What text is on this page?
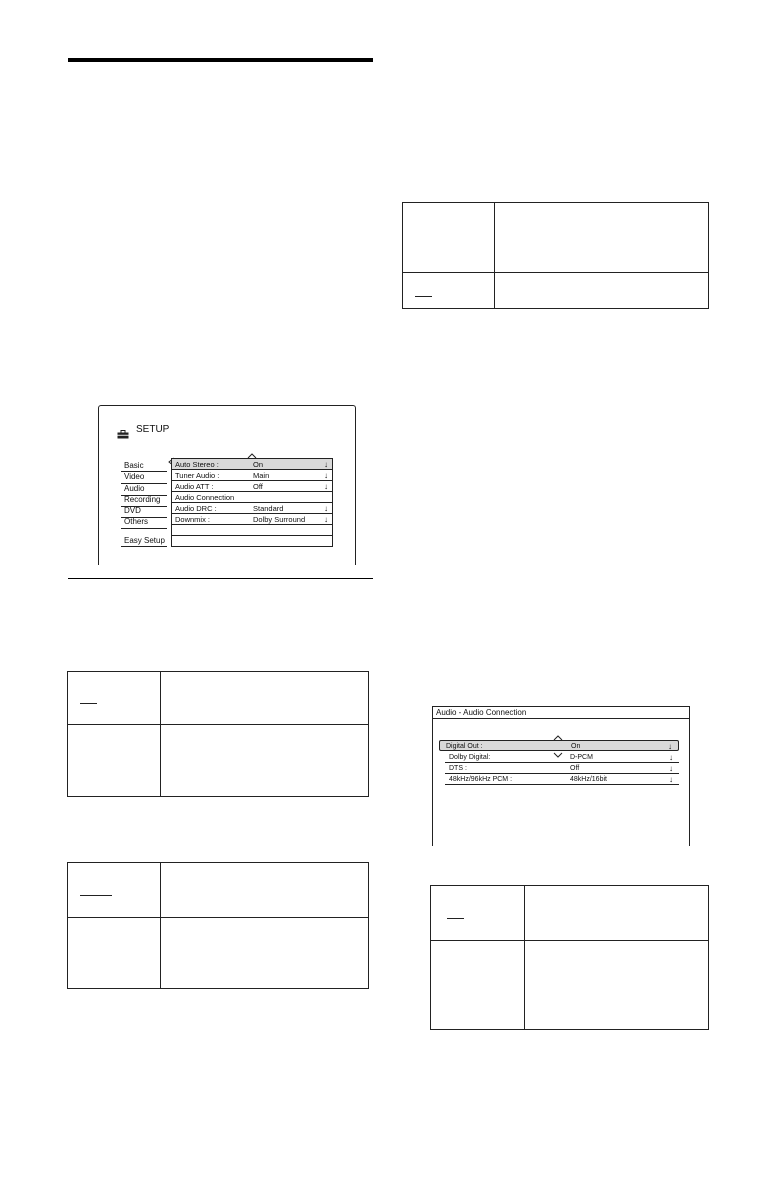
SETUP
Basic
Video
Audio
Recording
DVD
Others
Easy Setup
Auto Stereo :	On	↓
Tuner Audio :	Main	↓
Audio ATT :	Off	↓
Audio Connection
Audio DRC :	Standard	↓
Downmix :	Dolby Surround ↓
Audio - Audio Connection
Digital Out :	On	↓
Dolby Digital:	D-PCM	↓
DTS :	Off	↓
48kHz/96kHz PCM :	48kHz/16bit	↓
